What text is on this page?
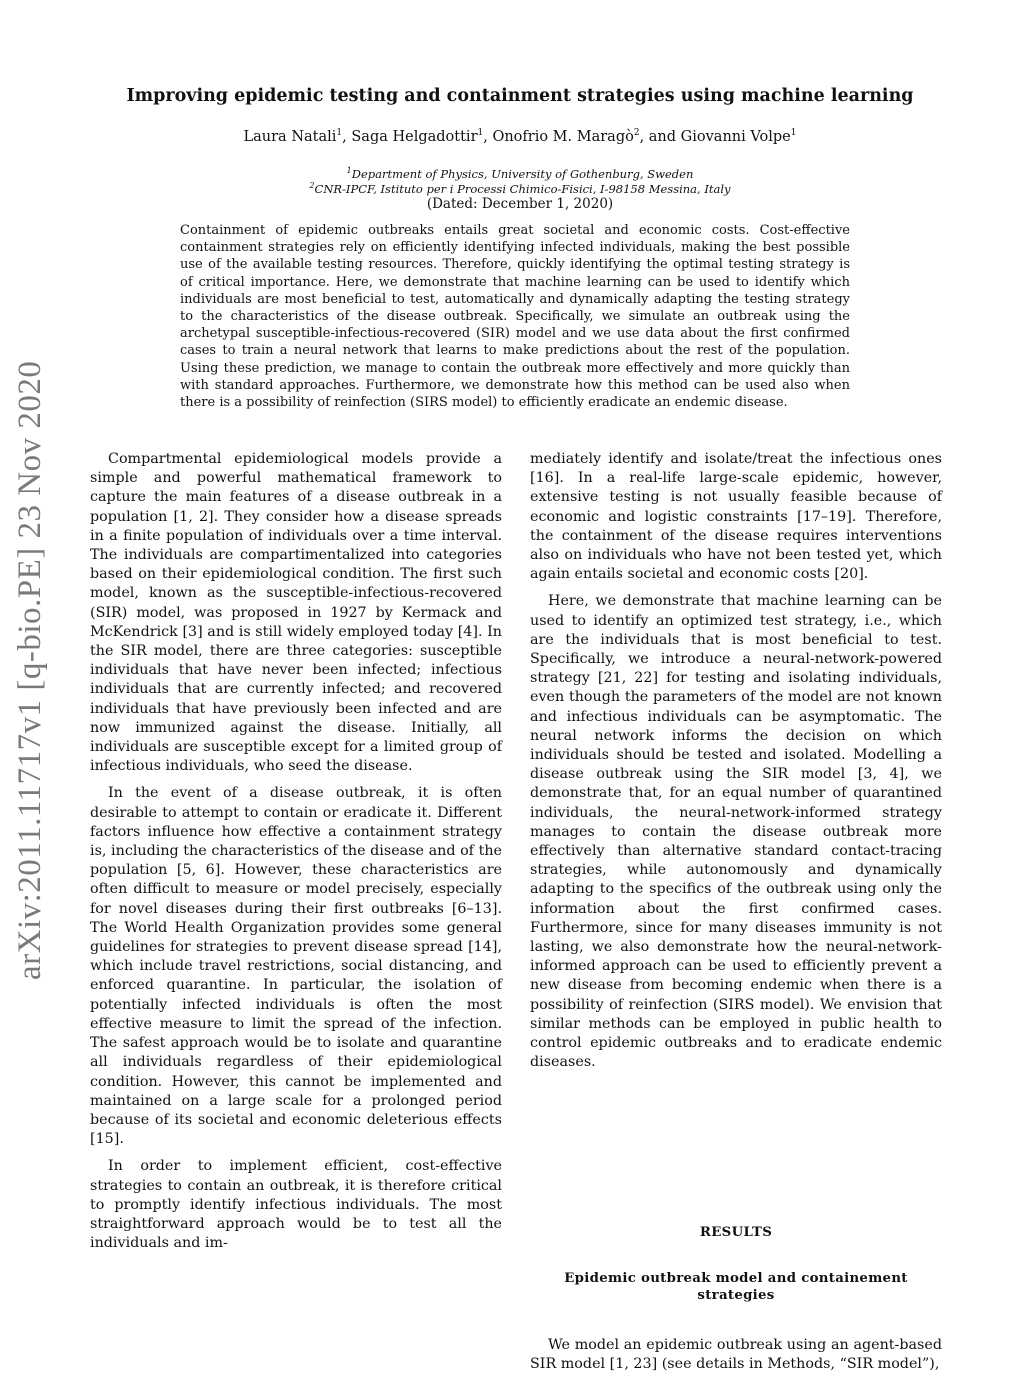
arXiv:2011.11717v1 [q-bio.PE] 23 Nov 2020
Improving epidemic testing and containment strategies using machine learning
Laura Natali$^1$, Saga Helgadottir$^1$, Onofrio M. Maragò$^2$, and Giovanni Volpe$^1$
$^1$Department of Physics, University of Gothenburg, Sweden
$^2$CNR-IPCF, Istituto per i Processi Chimico-Fisici, I-98158 Messina, Italy
(Dated: December 1, 2020)
Containment of epidemic outbreaks entails great societal and economic costs. Cost-effective containment strategies rely on efficiently identifying infected individuals, making the best possible use of the available testing resources. Therefore, quickly identifying the optimal testing strategy is of critical importance. Here, we demonstrate that machine learning can be used to identify which individuals are most beneficial to test, automatically and dynamically adapting the testing strategy to the characteristics of the disease outbreak. Specifically, we simulate an outbreak using the archetypal susceptible-infectious-recovered (SIR) model and we use data about the first confirmed cases to train a neural network that learns to make predictions about the rest of the population. Using these prediction, we manage to contain the outbreak more effectively and more quickly than with standard approaches. Furthermore, we demonstrate how this method can be used also when there is a possibility of reinfection (SIRS model) to efficiently eradicate an endemic disease.

Compartmental epidemiological models provide a simple and powerful mathematical framework to capture the main features of a disease outbreak in a population [1, 2]. They consider how a disease spreads in a finite population of individuals over a time interval. The individuals are compartimentalized into categories based on their epidemiological condition. The first such model, known as the susceptible-infectious-recovered (SIR) model, was proposed in 1927 by Kermack and McKendrick [3] and is still widely employed today [4]. In the SIR model, there are three categories: susceptible individuals that have never been infected; infectious individuals that are currently infected; and recovered individuals that have previously been infected and are now immunized against the disease. Initially, all individuals are susceptible except for a limited group of infectious individuals, who seed the disease.

In the event of a disease outbreak, it is often desirable to attempt to contain or eradicate it. Different factors influence how effective a containment strategy is, including the characteristics of the disease and of the population [5, 6]. However, these characteristics are often difficult to measure or model precisely, especially for novel diseases during their first outbreaks [6–13]. The World Health Organization provides some general guidelines for strategies to prevent disease spread [14], which include travel restrictions, social distancing, and enforced quarantine. In particular, the isolation of potentially infected individuals is often the most effective measure to limit the spread of the infection. The safest approach would be to isolate and quarantine all individuals regardless of their epidemiological condition. However, this cannot be implemented and maintained on a large scale for a prolonged period because of its societal and economic deleterious effects [15].

In order to implement efficient, cost-effective strategies to contain an outbreak, it is therefore critical to promptly identify infectious individuals. The most straightforward approach would be to test all the individuals and im-

mediately identify and isolate/treat the infectious ones [16]. In a real-life large-scale epidemic, however, extensive testing is not usually feasible because of economic and logistic constraints [17–19]. Therefore, the containment of the disease requires interventions also on individuals who have not been tested yet, which again entails societal and economic costs [20].

Here, we demonstrate that machine learning can be used to identify an optimized test strategy, i.e., which are the individuals that is most beneficial to test. Specifically, we introduce a neural-network-powered strategy [21, 22] for testing and isolating individuals, even though the parameters of the model are not known and infectious individuals can be asymptomatic. The neural network informs the decision on which individuals should be tested and isolated. Modelling a disease outbreak using the SIR model [3, 4], we demonstrate that, for an equal number of quarantined individuals, the neural-network-informed strategy manages to contain the disease outbreak more effectively than alternative standard contact-tracing strategies, while autonomously and dynamically adapting to the specifics of the outbreak using only the information about the first confirmed cases. Furthermore, since for many diseases immunity is not lasting, we also demonstrate how the neural-network-informed approach can be used to efficiently prevent a new disease from becoming endemic when there is a possibility of reinfection (SIRS model). We envision that similar methods can be employed in public health to control epidemic outbreaks and to eradicate endemic diseases.

RESULTS
Epidemic outbreak model and containement strategies

We model an epidemic outbreak using an agent-based SIR model [1, 23] (see details in Methods, “SIR model”),
